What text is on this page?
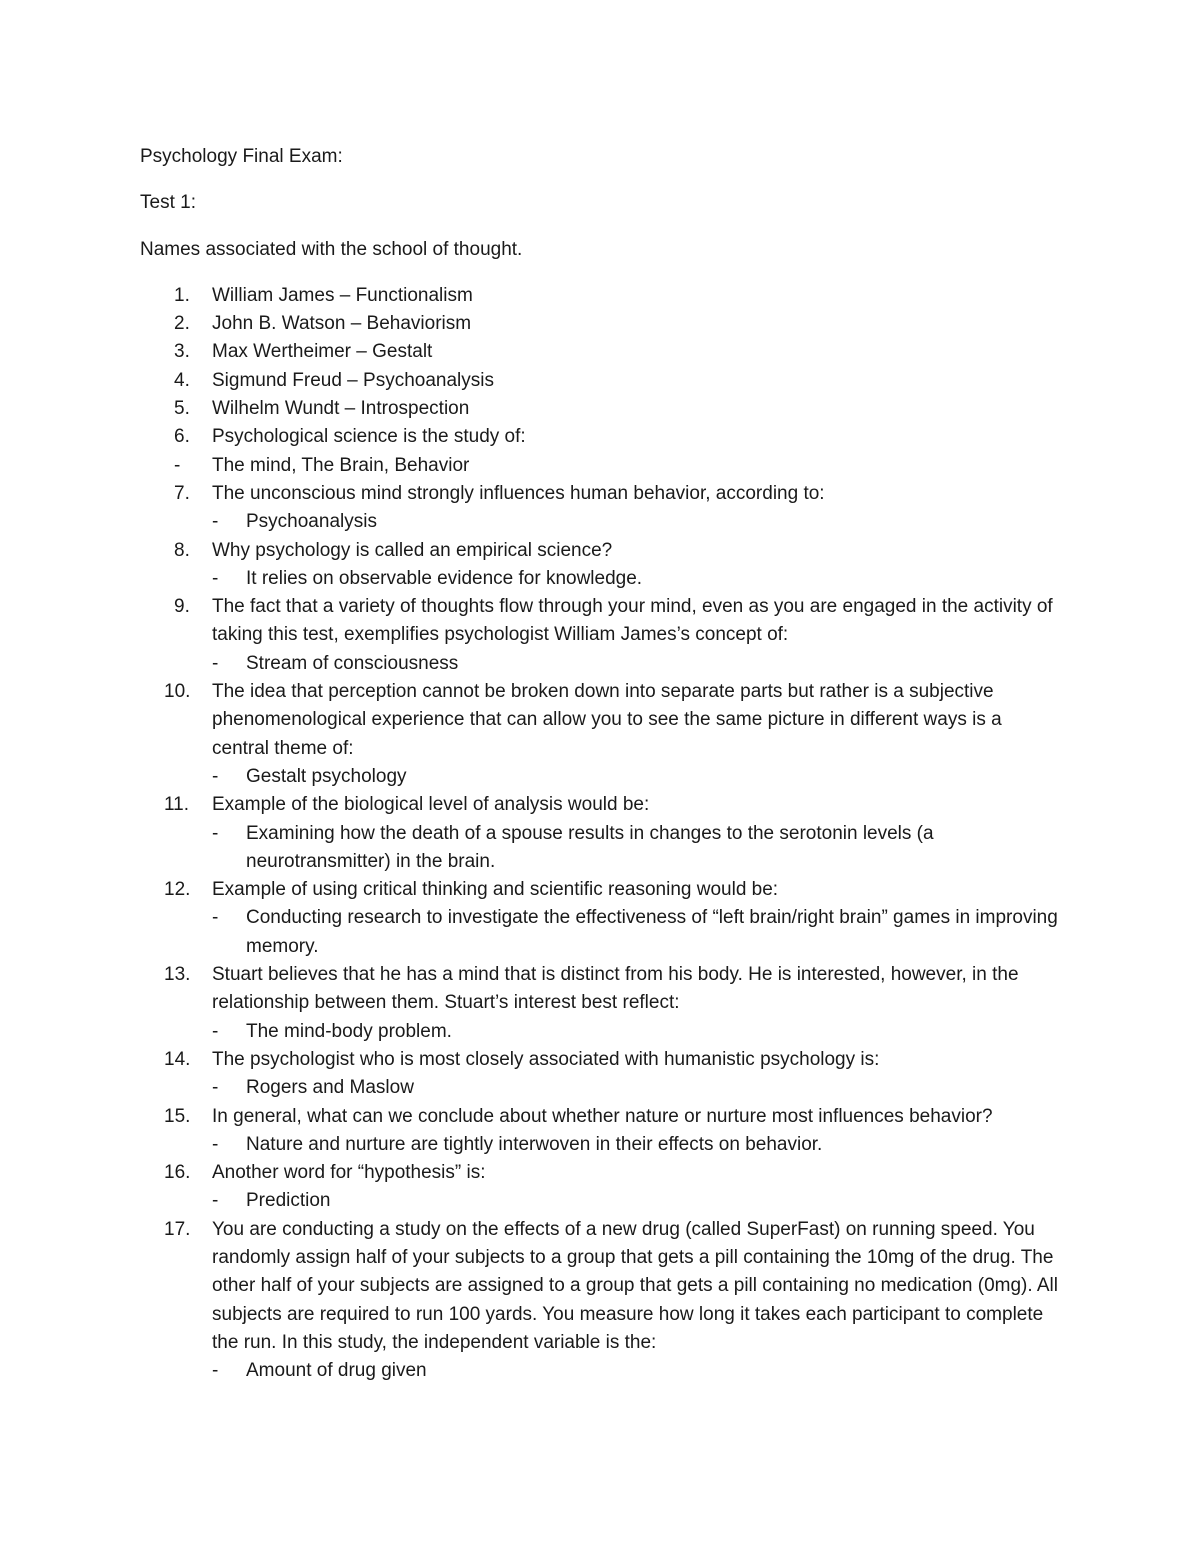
Psychology Final Exam:

Test 1:

Names associated with the school of thought.

1. William James – Functionalism
2. John B. Watson – Behaviorism
3. Max Wertheimer – Gestalt
4. Sigmund Freud – Psychoanalysis
5. Wilhelm Wundt – Introspection
6. Psychological science is the study of:
- The mind, The Brain, Behavior
7. The unconscious mind strongly influences human behavior, according to:
- Psychoanalysis
8. Why psychology is called an empirical science?
- It relies on observable evidence for knowledge.
9. The fact that a variety of thoughts flow through your mind, even as you are engaged in the activity of taking this test, exemplifies psychologist William James’s concept of:
- Stream of consciousness
10. The idea that perception cannot be broken down into separate parts but rather is a subjective phenomenological experience that can allow you to see the same picture in different ways is a central theme of:
- Gestalt psychology
11. Example of the biological level of analysis would be:
- Examining how the death of a spouse results in changes to the serotonin levels (a neurotransmitter) in the brain.
12. Example of using critical thinking and scientific reasoning would be:
- Conducting research to investigate the effectiveness of “left brain/right brain” games in improving memory.
13. Stuart believes that he has a mind that is distinct from his body. He is interested, however, in the relationship between them. Stuart’s interest best reflect:
- The mind-body problem.
14. The psychologist who is most closely associated with humanistic psychology is:
- Rogers and Maslow
15. In general, what can we conclude about whether nature or nurture most influences behavior?
- Nature and nurture are tightly interwoven in their effects on behavior.
16. Another word for “hypothesis” is:
- Prediction
17. You are conducting a study on the effects of a new drug (called SuperFast) on running speed. You randomly assign half of your subjects to a group that gets a pill containing the 10mg of the drug. The other half of your subjects are assigned to a group that gets a pill containing no medication (0mg). All subjects are required to run 100 yards. You measure how long it takes each participant to complete the run. In this study, the independent variable is the:
- Amount of drug given
